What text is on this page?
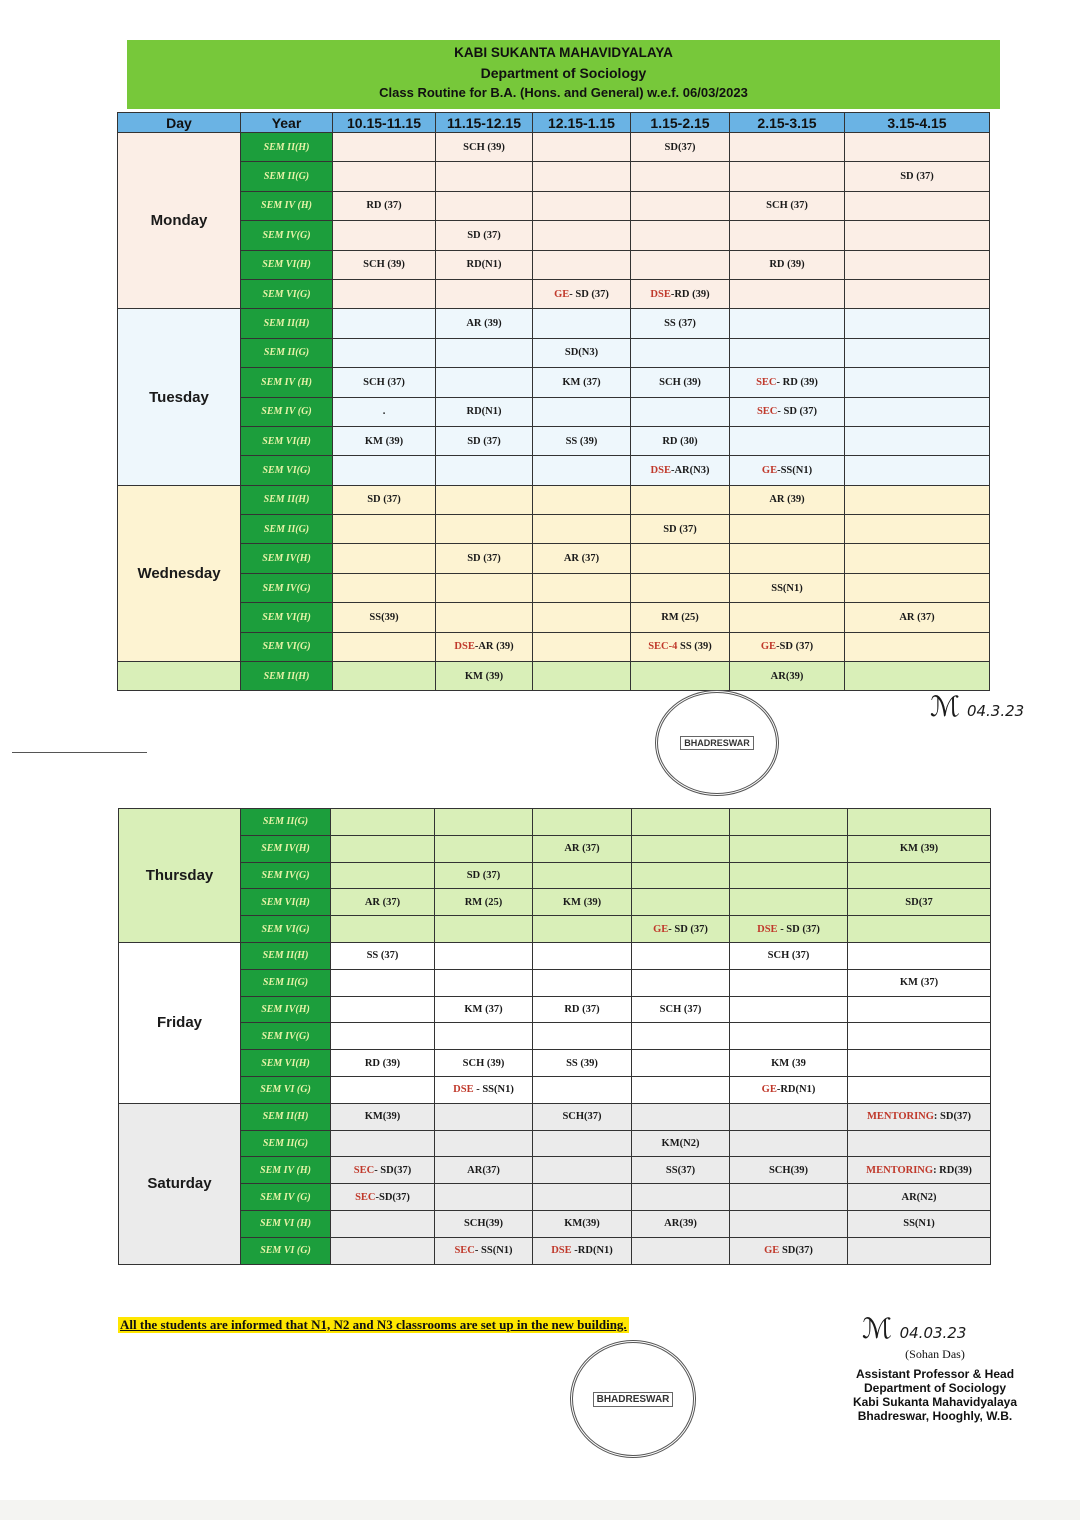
KABI SUKANTA MAHAVIDYALAYA
Department of Sociology
Class Routine for B.A. (Hons. and General) w.e.f. 06/03/2023
Day	Year	10.15-11.15	11.15-12.15	12.15-1.15	1.15-2.15	2.15-3.15	3.15-4.15
Monday	SEM II(H)		SCH (39)		SD(37)		
	SEM II(G)						SD (37)
	SEM IV (H)	RD (37)				SCH (37)	
	SEM IV(G)		SD (37)				
	SEM VI(H)	SCH (39)	RD(N1)			RD (39)	
	SEM VI(G)			GE- SD (37)	DSE-RD (39)		
Tuesday	SEM II(H)		AR (39)		SS (37)		
	SEM II(G)			SD(N3)			
	SEM IV (H)	SCH (37)		KM (37)	SCH (39)	SEC- RD (39)	
	SEM IV (G)	.	RD(N1)			SEC- SD (37)	
	SEM VI(H)	KM (39)	SD (37)	SS (39)	RD (30)		
	SEM VI(G)				DSE-AR(N3)	GE-SS(N1)	
Wednesday	SEM II(H)	SD (37)				AR (39)	
	SEM II(G)				SD (37)		
	SEM IV(H)		SD (37)	AR (37)			
	SEM IV(G)					SS(N1)	
	SEM VI(H)	SS(39)			RM (25)		AR (37)
	SEM VI(G)		DSE-AR (39)		SEC-4 SS (39)	GE-SD (37)	
	SEM II(H)		KM (39)			AR(39)	
BHADRESWAR
ℳ 04.3.23
Thursday	SEM II(G)						
	SEM IV(H)			AR (37)			KM (39)
	SEM IV(G)		SD (37)				
	SEM VI(H)	AR (37)	RM (25)	KM (39)			SD(37
	SEM VI(G)				GE- SD (37)	DSE - SD (37)	
Friday	SEM II(H)	SS (37)				SCH (37)	
	SEM II(G)						KM (37)
	SEM IV(H)		KM (37)	RD (37)	SCH (37)		
	SEM IV(G)						
	SEM VI(H)	RD (39)	SCH (39)	SS (39)		KM (39	
	SEM VI (G)		DSE - SS(N1)			GE-RD(N1)	
Saturday	SEM II(H)	KM(39)		SCH(37)			MENTORING: SD(37)
	SEM II(G)				KM(N2)		
	SEM IV (H)	SEC- SD(37)	AR(37)		SS(37)	SCH(39)	MENTORING: RD(39)
	SEM IV (G)	SEC-SD(37)					AR(N2)
	SEM VI (H)		SCH(39)	KM(39)	AR(39)		SS(N1)
	SEM VI (G)		SEC- SS(N1)	DSE -RD(N1)		GE SD(37)	
All the students are informed that N1, N2 and N3 classrooms are set up in the new building.
BHADRESWAR
ℳ 04.03.23
(Sohan Das)
Assistant Professor & Head
Department of Sociology
Kabi Sukanta Mahavidyalaya
Bhadreswar, Hooghly, W.B.
